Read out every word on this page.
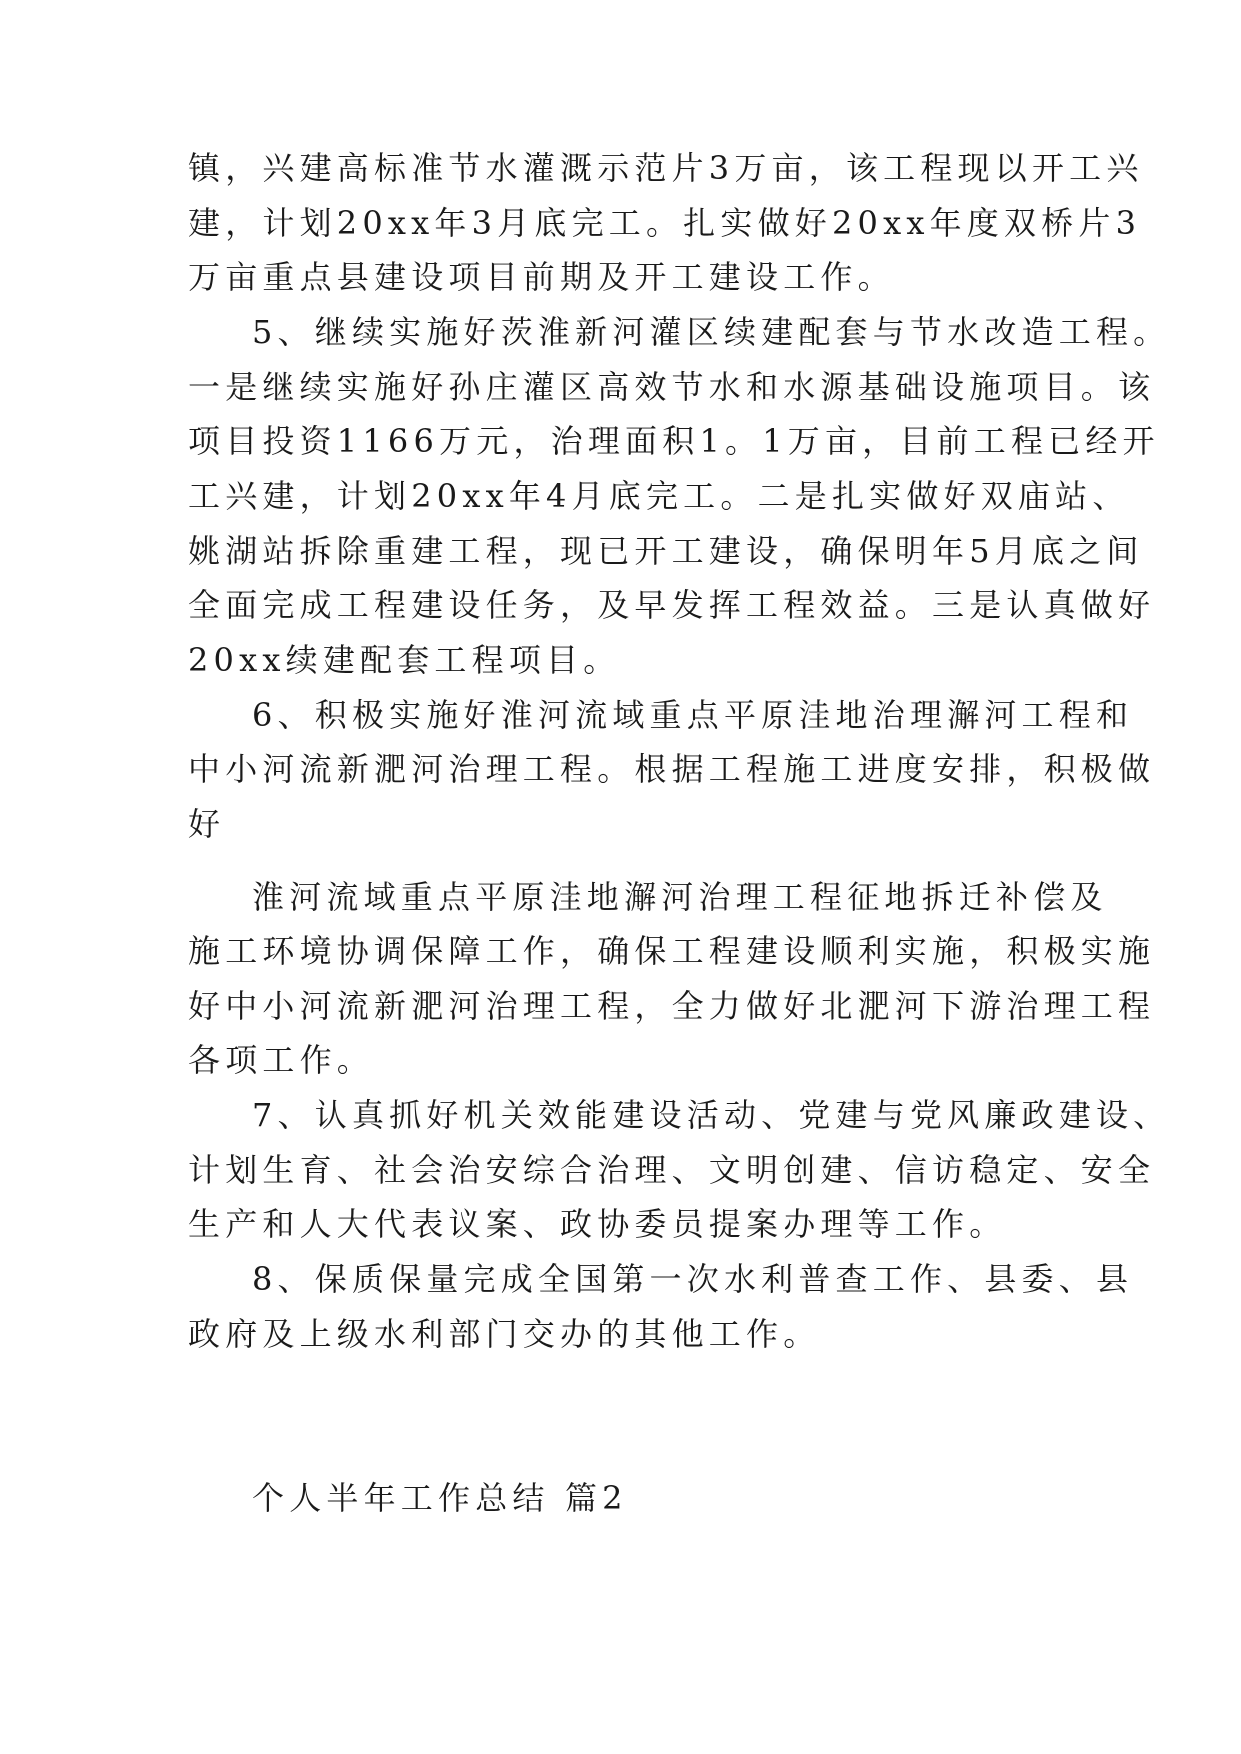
镇，兴建高标准节水灌溉示范片3万亩，该工程现以开工兴
建，计划20xx年3月底完工。扎实做好20xx年度双桥片3
万亩重点县建设项目前期及开工建设工作。
5、继续实施好茨淮新河灌区续建配套与节水改造工程。
一是继续实施好孙庄灌区高效节水和水源基础设施项目。该
项目投资1166万元，治理面积1。1万亩，目前工程已经开
工兴建，计划20xx年4月底完工。二是扎实做好双庙站、
姚湖站拆除重建工程，现已开工建设，确保明年5月底之间
全面完成工程建设任务，及早发挥工程效益。三是认真做好
20xx续建配套工程项目。
6、积极实施好淮河流域重点平原洼地治理澥河工程和
中小河流新淝河治理工程。根据工程施工进度安排，积极做
好
淮河流域重点平原洼地澥河治理工程征地拆迁补偿及
施工环境协调保障工作，确保工程建设顺利实施，积极实施
好中小河流新淝河治理工程，全力做好北淝河下游治理工程
各项工作。
7、认真抓好机关效能建设活动、党建与党风廉政建设、
计划生育、社会治安综合治理、文明创建、信访稳定、安全
生产和人大代表议案、政协委员提案办理等工作。
8、保质保量完成全国第一次水利普查工作、县委、县
政府及上级水利部门交办的其他工作。
个人半年工作总结 篇2
